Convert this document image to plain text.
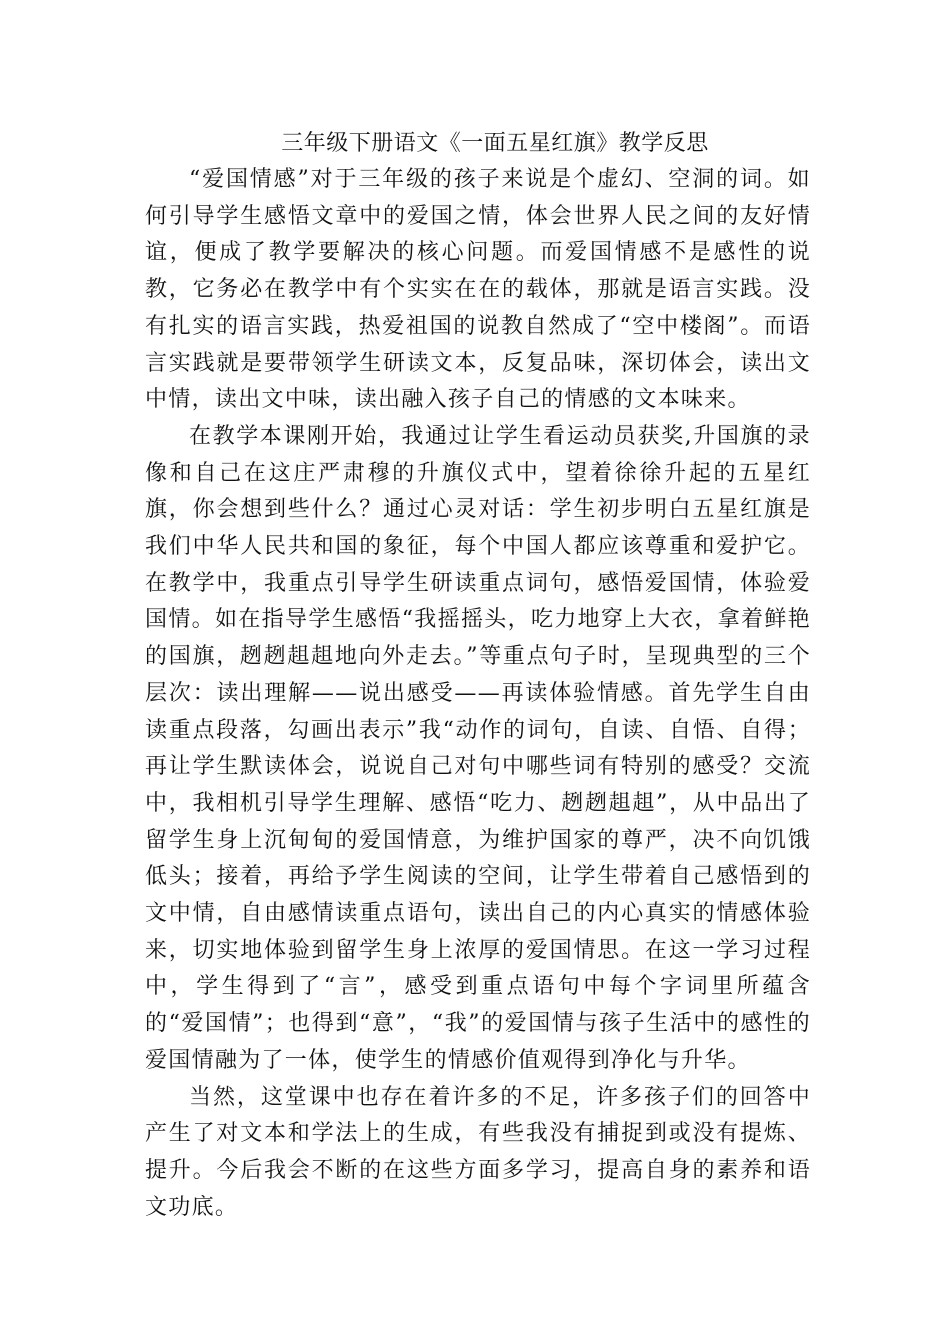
三年级下册语文《一面五星红旗》教学反思

“爱国情感”对于三年级的孩子来说是个虚幻、空洞的词。如何引导学生感悟文章中的爱国之情，体会世界人民之间的友好情谊，便成了教学要解决的核心问题。而爱国情感不是感性的说教，它务必在教学中有个实实在在的载体，那就是语言实践。没有扎实的语言实践，热爱祖国的说教自然成了“空中楼阁”。而语言实践就是要带领学生研读文本，反复品味，深切体会，读出文中情，读出文中味，读出融入孩子自己的情感的文本味来。

在教学本课刚开始，我通过让学生看运动员获奖,升国旗的录像和自己在这庄严肃穆的升旗仪式中，望着徐徐升起的五星红旗，你会想到些什么？通过心灵对话：学生初步明白五星红旗是我们中华人民共和国的象征，每个中国人都应该尊重和爱护它。在教学中，我重点引导学生研读重点词句，感悟爱国情，体验爱国情。如在指导学生感悟“我摇摇头，吃力地穿上大衣，拿着鲜艳的国旗，趔趔趄趄地向外走去。”等重点句子时，呈现典型的三个层次：读出理解——说出感受——再读体验情感。首先学生自由读重点段落，勾画出表示”我“动作的词句，自读、自悟、自得；再让学生默读体会，说说自己对句中哪些词有特别的感受？交流中，我相机引导学生理解、感悟“吃力、趔趔趄趄”，从中品出了留学生身上沉甸甸的爱国情意，为维护国家的尊严，决不向饥饿低头；接着，再给予学生阅读的空间，让学生带着自己感悟到的文中情，自由感情读重点语句，读出自己的内心真实的情感体验来，切实地体验到留学生身上浓厚的爱国情思。在这一学习过程中，学生得到了“言”，感受到重点语句中每个字词里所蕴含的“爱国情”；也得到“意”，“我”的爱国情与孩子生活中的感性的爱国情融为了一体，使学生的情感价值观得到净化与升华。

当然，这堂课中也存在着许多的不足，许多孩子们的回答中产生了对文本和学法上的生成，有些我没有捕捉到或没有提炼、提升。今后我会不断的在这些方面多学习，提高自身的素养和语文功底。
